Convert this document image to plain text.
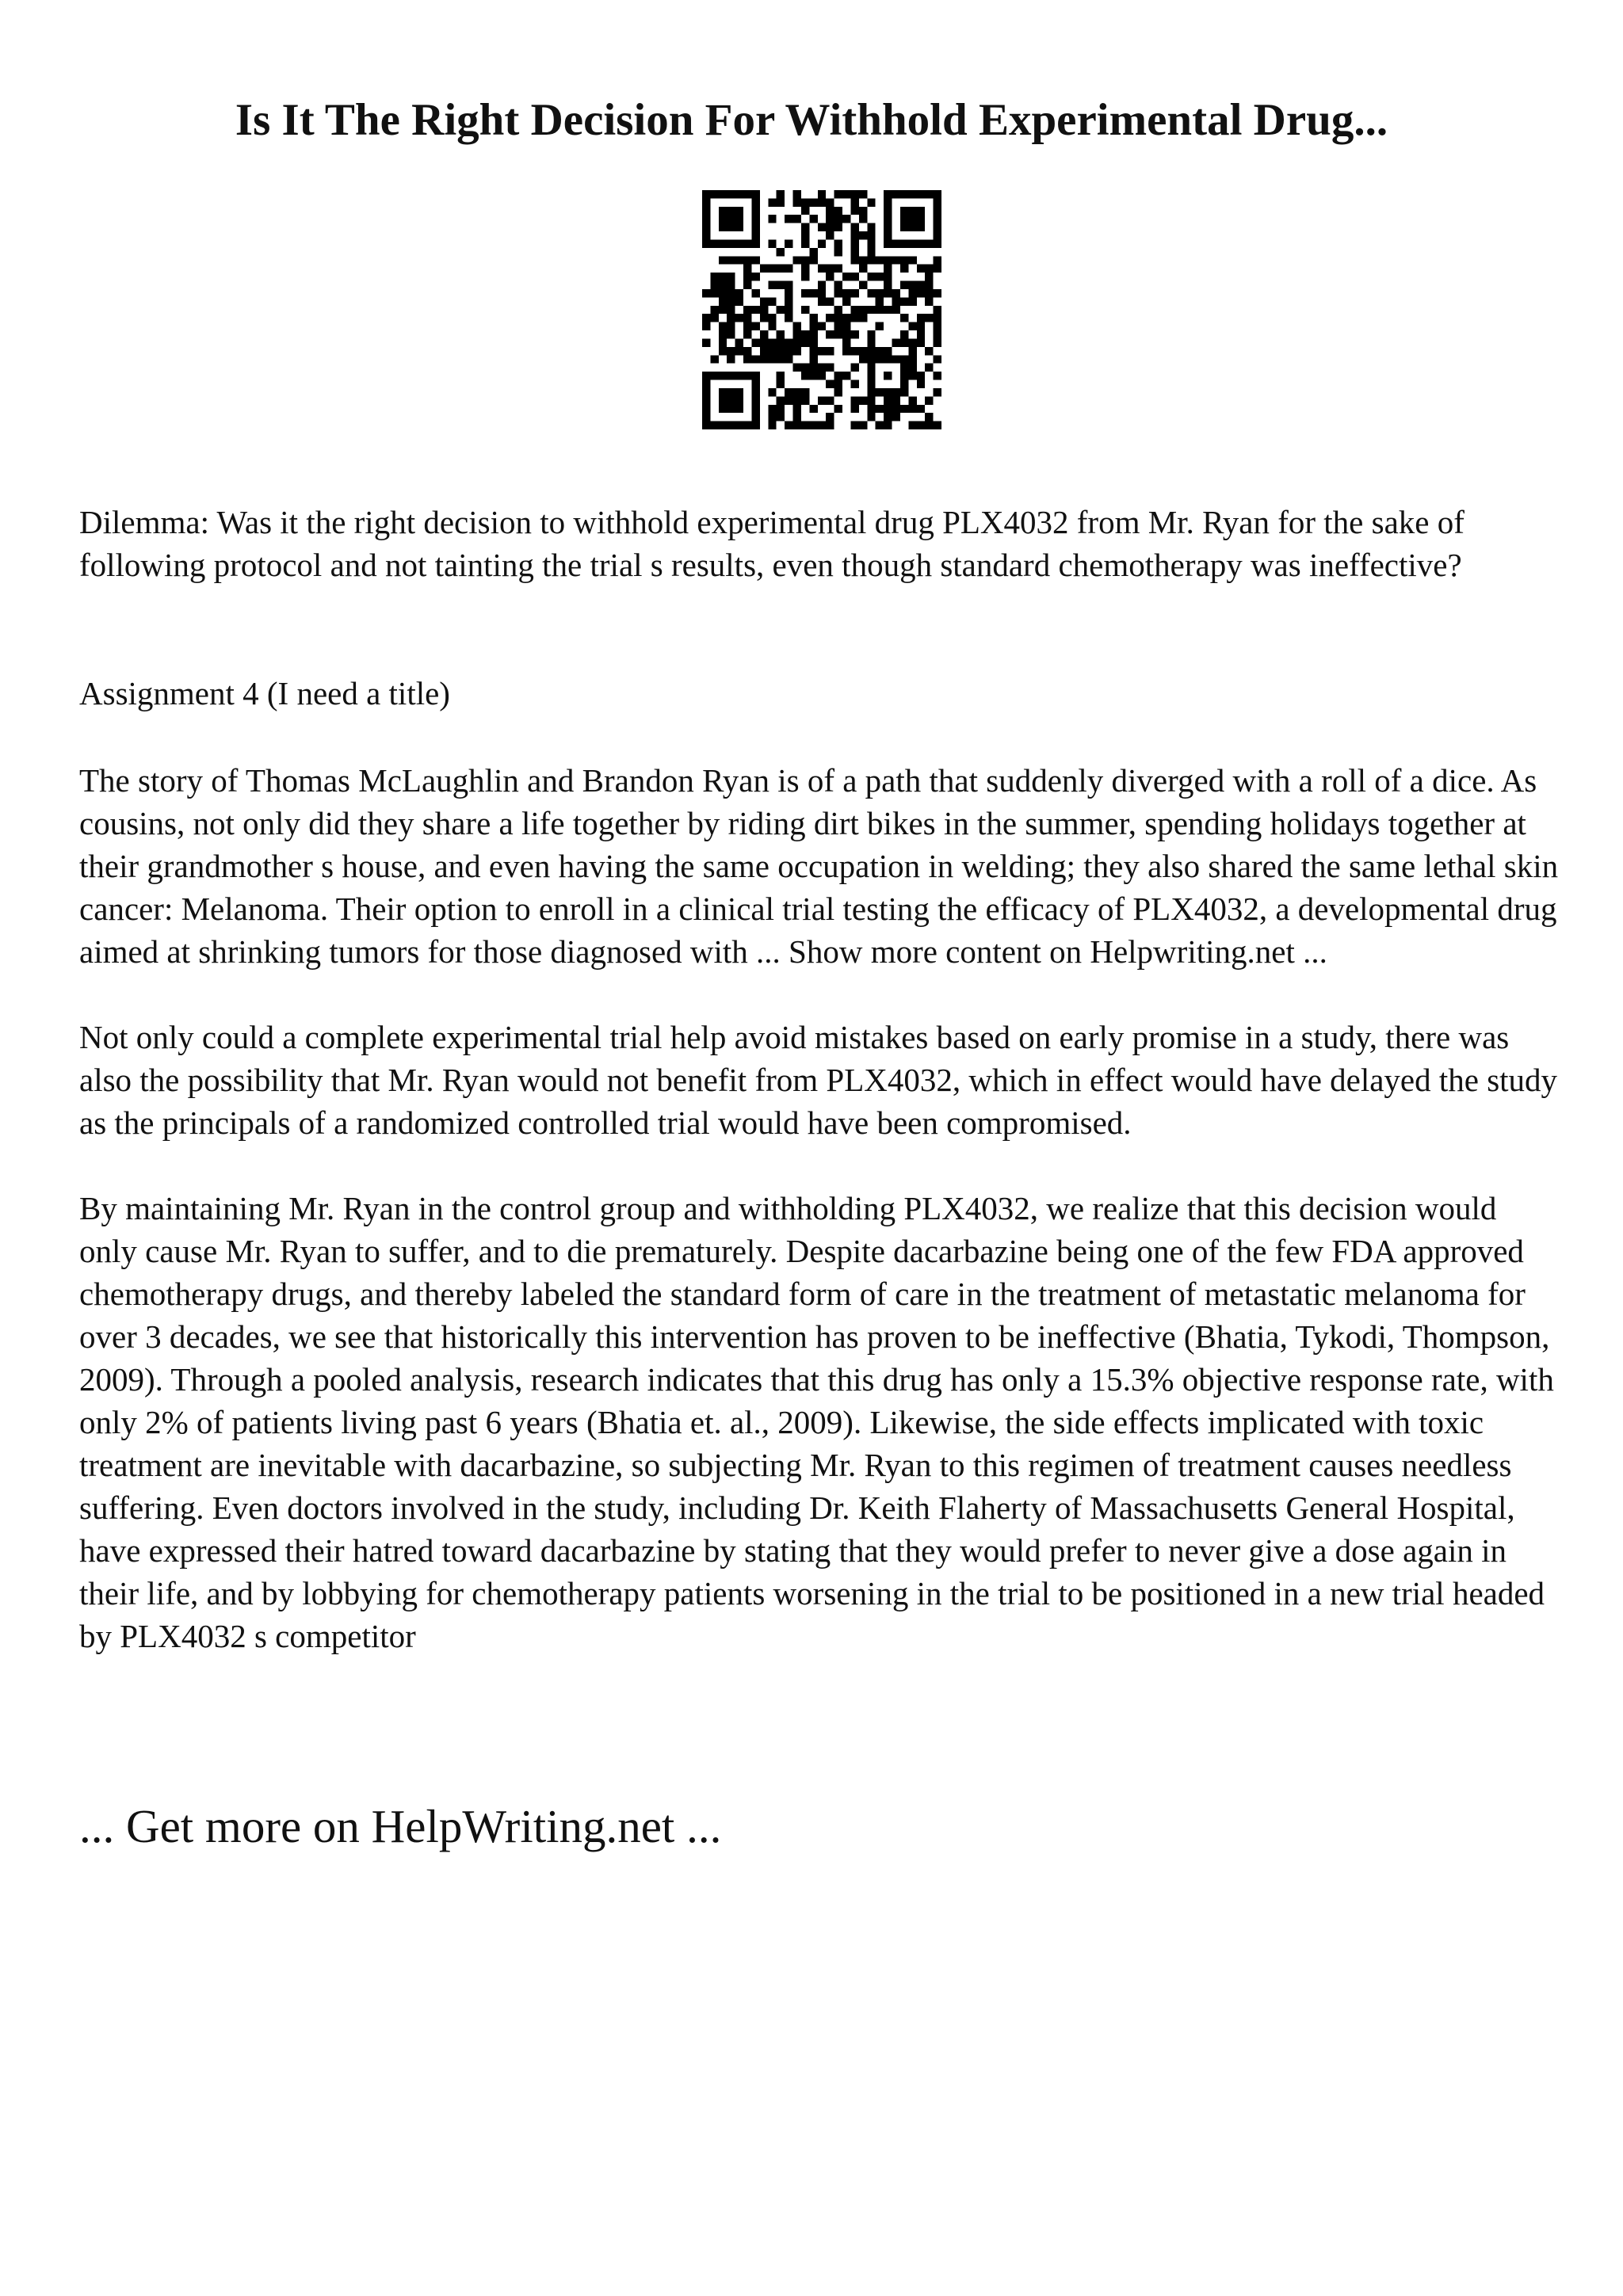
Is It The Right Decision For Withhold Experimental Drug...

Dilemma: Was it the right decision to withhold experimental drug PLX4032 from Mr. Ryan for the sake of following protocol and not tainting the trial s results, even though standard chemotherapy was ineffective?

Assignment 4 (I need a title)

The story of Thomas McLaughlin and Brandon Ryan is of a path that suddenly diverged with a roll of a dice. As cousins, not only did they share a life together by riding dirt bikes in the summer, spending holidays together at their grandmother s house, and even having the same occupation in welding; they also shared the same lethal skin cancer: Melanoma. Their option to enroll in a clinical trial testing the efficacy of PLX4032, a developmental drug aimed at shrinking tumors for those diagnosed with ... Show more content on Helpwriting.net ...

Not only could a complete experimental trial help avoid mistakes based on early promise in a study, there was also the possibility that Mr. Ryan would not benefit from PLX4032, which in effect would have delayed the study as the principals of a randomized controlled trial would have been compromised.

By maintaining Mr. Ryan in the control group and withholding PLX4032, we realize that this decision would only cause Mr. Ryan to suffer, and to die prematurely. Despite dacarbazine being one of the few FDA approved chemotherapy drugs, and thereby labeled the standard form of care in the treatment of metastatic melanoma for over 3 decades, we see that historically this intervention has proven to be ineffective (Bhatia, Tykodi, Thompson, 2009). Through a pooled analysis, research indicates that this drug has only a 15.3% objective response rate, with only 2% of patients living past 6 years (Bhatia et. al., 2009). Likewise, the side effects implicated with toxic treatment are inevitable with dacarbazine, so subjecting Mr. Ryan to this regimen of treatment causes needless suffering. Even doctors involved in the study, including Dr. Keith Flaherty of Massachusetts General Hospital, have expressed their hatred toward dacarbazine by stating that they would prefer to never give a dose again in their life, and by lobbying for chemotherapy patients worsening in the trial to be positioned in a new trial headed by PLX4032 s competitor

... Get more on HelpWriting.net ...
